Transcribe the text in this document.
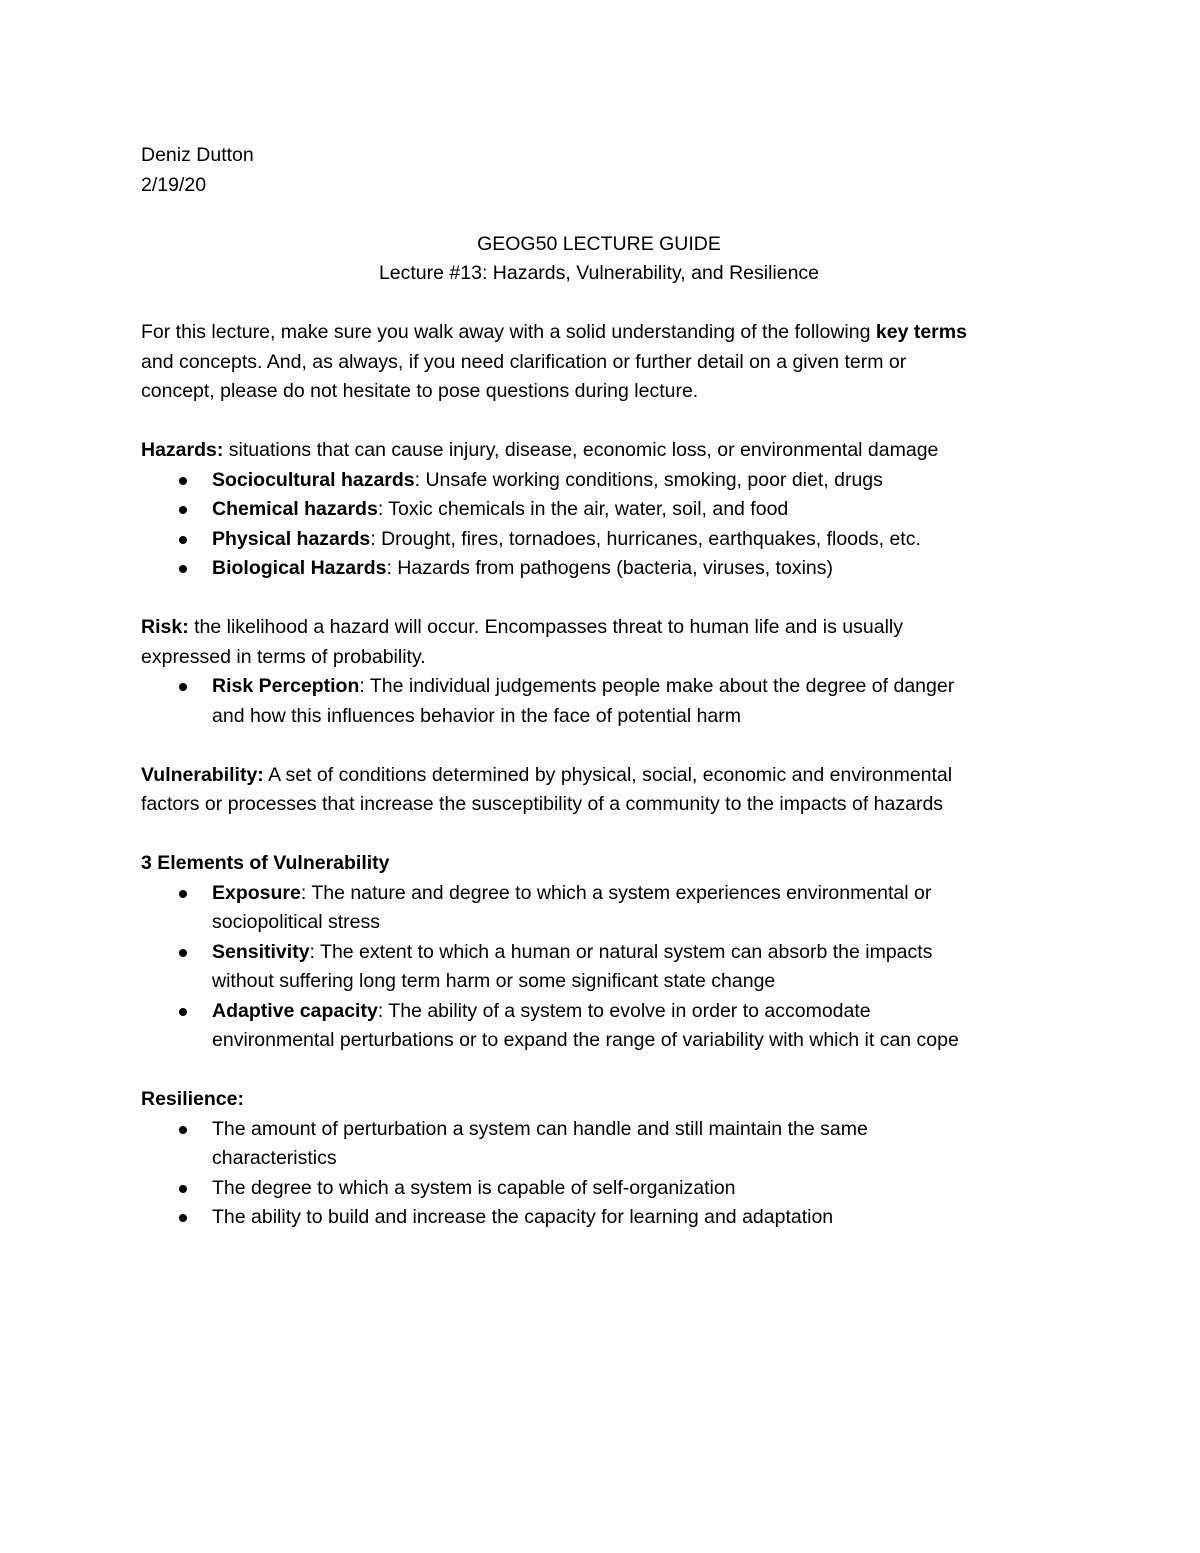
Deniz Dutton

2/19/20

GEOG50 LECTURE GUIDE

Lecture #13: Hazards, Vulnerability, and Resilience

For this lecture, make sure you walk away with a solid understanding of the following key terms

and concepts. And, as always, if you need clarification or further detail on a given term or

concept, please do not hesitate to pose questions during lecture.

Hazards: situations that can cause injury, disease, economic loss, or environmental damage

Sociocultural hazards: Unsafe working conditions, smoking, poor diet, drugs
Chemical hazards: Toxic chemicals in the air, water, soil, and food
Physical hazards: Drought, fires, tornadoes, hurricanes, earthquakes, floods, etc.
Biological Hazards: Hazards from pathogens (bacteria, viruses, toxins)

Risk: the likelihood a hazard will occur. Encompasses threat to human life and is usually

expressed in terms of probability.

Risk Perception: The individual judgements people make about the degree of danger
and how this influences behavior in the face of potential harm

Vulnerability: A set of conditions determined by physical, social, economic and environmental

factors or processes that increase the susceptibility of a community to the impacts of hazards

3 Elements of Vulnerability

Exposure: The nature and degree to which a system experiences environmental or
sociopolitical stress
Sensitivity: The extent to which a human or natural system can absorb the impacts
without suffering long term harm or some significant state change
Adaptive capacity: The ability of a system to evolve in order to accomodate
environmental perturbations or to expand the range of variability with which it can cope

Resilience:

The amount of perturbation a system can handle and still maintain the same
characteristics
The degree to which a system is capable of self-organization
The ability to build and increase the capacity for learning and adaptation
